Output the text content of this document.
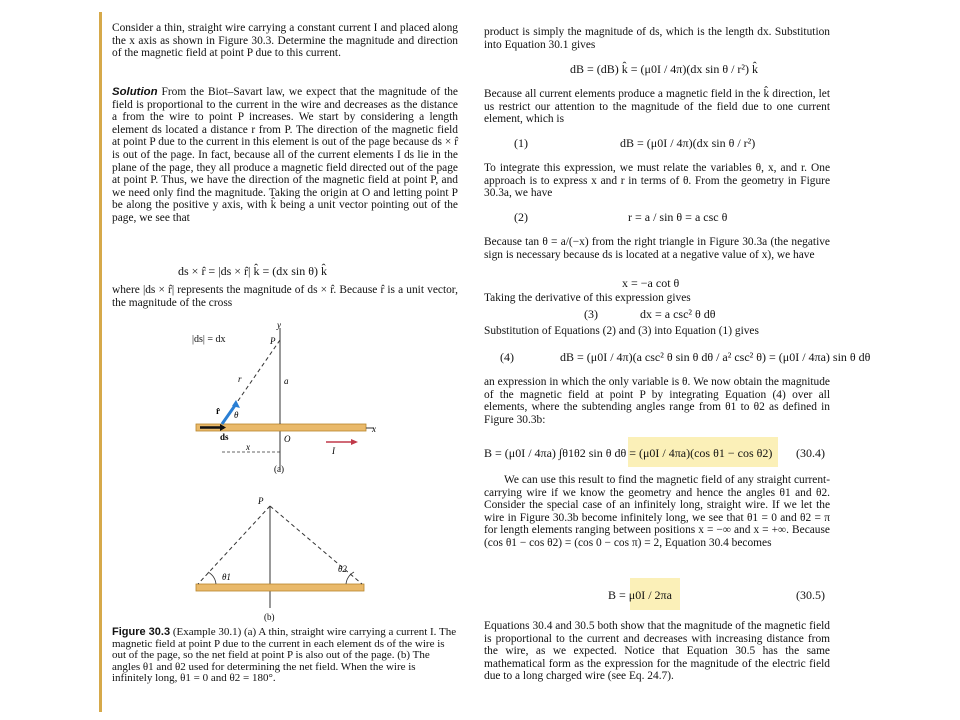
Consider a thin, straight wire carrying a constant current I and placed along the x axis as shown in Figure 30.3. Determine the magnitude and direction of the magnetic field at point P due to this current.

Solution From the Biot–Savart law, we expect that the magnitude of the field is proportional to the current in the wire and decreases as the distance a from the wire to point P increases. We start by considering a length element ds located a distance r from P. The direction of the magnetic field at point P due to the current in this element is out of the page because ds × r̂ is out of the page. In fact, because all of the current elements I ds lie in the plane of the page, they all produce a magnetic field directed out of the page at point P. Thus, we have the direction of the magnetic field at point P, and we need only find the magnitude. Taking the origin at O and letting point P be along the positive y axis, with k̂ being a unit vector pointing out of the page, we see that

ds × r̂ = |ds × r̂| k̂ = (dx sin θ) k̂

where |ds × r̂| represents the magnitude of ds × r̂. Because r̂ is a unit vector, the magnitude of the cross

y
P
r	a
θ
r̂
ds
x
x
O
I
(a)
|ds| = dx
P
θ1
θ2
(b)
Figure 30.3 (Example 30.1) (a) A thin, straight wire carrying a current I. The magnetic field at point P due to the current in each element ds of the wire is out of the page, so the net field at point P is also out of the page. (b) The angles θ1 and θ2 used for determining the net field. When the wire is infinitely long, θ1 = 0 and θ2 = 180°.

product is simply the magnitude of ds, which is the length dx. Substitution into Equation 30.1 gives

dB = (dB) k̂ = (μ0I / 4π)(dx sin θ / r²) k̂

Because all current elements produce a magnetic field in the k̂ direction, let us restrict our attention to the magnitude of the field due to one current element, which is

(1)	dB = (μ0I / 4π)(dx sin θ / r²)

To integrate this expression, we must relate the variables θ, x, and r. One approach is to express x and r in terms of θ. From the geometry in Figure 30.3a, we have

(2)	r = a / sin θ = a csc θ

Because tan θ = a/(−x) from the right triangle in Figure 30.3a (the negative sign is necessary because ds is located at a negative value of x), we have

x = −a cot θ

Taking the derivative of this expression gives

(3)	dx = a csc² θ dθ

Substitution of Equations (2) and (3) into Equation (1) gives

(4)	dB = (μ0I / 4π)(a csc² θ sin θ dθ / a² csc² θ) = (μ0I / 4πa) sin θ dθ

an expression in which the only variable is θ. We now obtain the magnitude of the magnetic field at point P by integrating Equation (4) over all elements, where the subtending angles range from θ1 to θ2 as defined in Figure 30.3b:

B = (μ0I / 4πa) ∫θ1θ2 sin θ dθ = (μ0I / 4πa)(cos θ1 − cos θ2) (30.4)

We can use this result to find the magnetic field of any straight current-carrying wire if we know the geometry and hence the angles θ1 and θ2. Consider the special case of an infinitely long, straight wire. If we let the wire in Figure 30.3b become infinitely long, we see that θ1 = 0 and θ2 = π for length elements ranging between positions x = −∞ and x = +∞. Because (cos θ1 − cos θ2) = (cos 0 − cos π) = 2, Equation 30.4 becomes

B = μ0I / 2πa	(30.5)

Equations 30.4 and 30.5 both show that the magnitude of the magnetic field is proportional to the current and decreases with increasing distance from the wire, as we expected. Notice that Equation 30.5 has the same mathematical form as the expression for the magnitude of the electric field due to a long charged wire (see Eq. 24.7).
